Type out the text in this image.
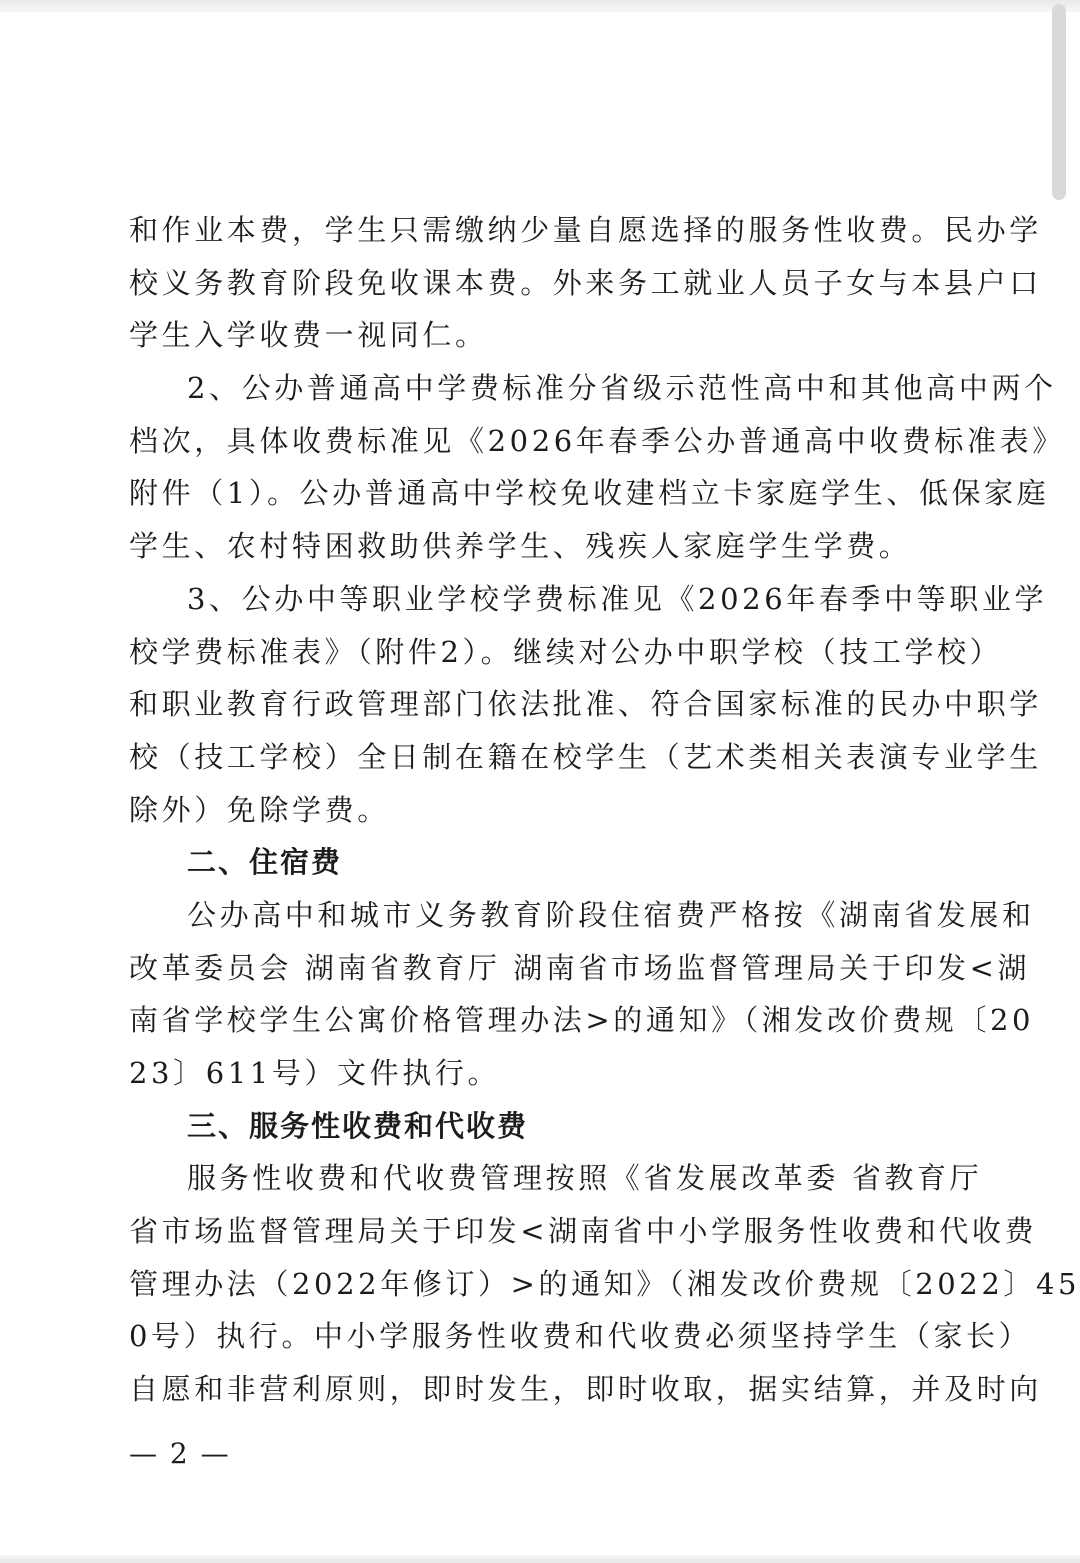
和作业本费，学生只需缴纳少量自愿选择的服务性收费。民办学
校义务教育阶段免收课本费。外来务工就业人员子女与本县户口
学生入学收费一视同仁。
2、公办普通高中学费标准分省级示范性高中和其他高中两个
档次，具体收费标准见《2026年春季公办普通高中收费标准表》
附件（1）。公办普通高中学校免收建档立卡家庭学生、低保家庭
学生、农村特困救助供养学生、残疾人家庭学生学费。
3、公办中等职业学校学费标准见《2026年春季中等职业学
校学费标准表》（附件2）。继续对公办中职学校（技工学校）
和职业教育行政管理部门依法批准、符合国家标准的民办中职学
校（技工学校）全日制在籍在校学生（艺术类相关表演专业学生
除外）免除学费。
二、住宿费
公办高中和城市义务教育阶段住宿费严格按《湖南省发展和
改革委员会 湖南省教育厅 湖南省市场监督管理局关于印发<湖
南省学校学生公寓价格管理办法>的通知》（湘发改价费规〔20
23〕611号）文件执行。
三、服务性收费和代收费
服务性收费和代收费管理按照《省发展改革委 省教育厅
省市场监督管理局关于印发<湖南省中小学服务性收费和代收费
管理办法（2022年修订）>的通知》（湘发改价费规〔2022〕45
0号）执行。中小学服务性收费和代收费必须坚持学生（家长）
自愿和非营利原则，即时发生，即时收取，据实结算，并及时向
— 2 —
